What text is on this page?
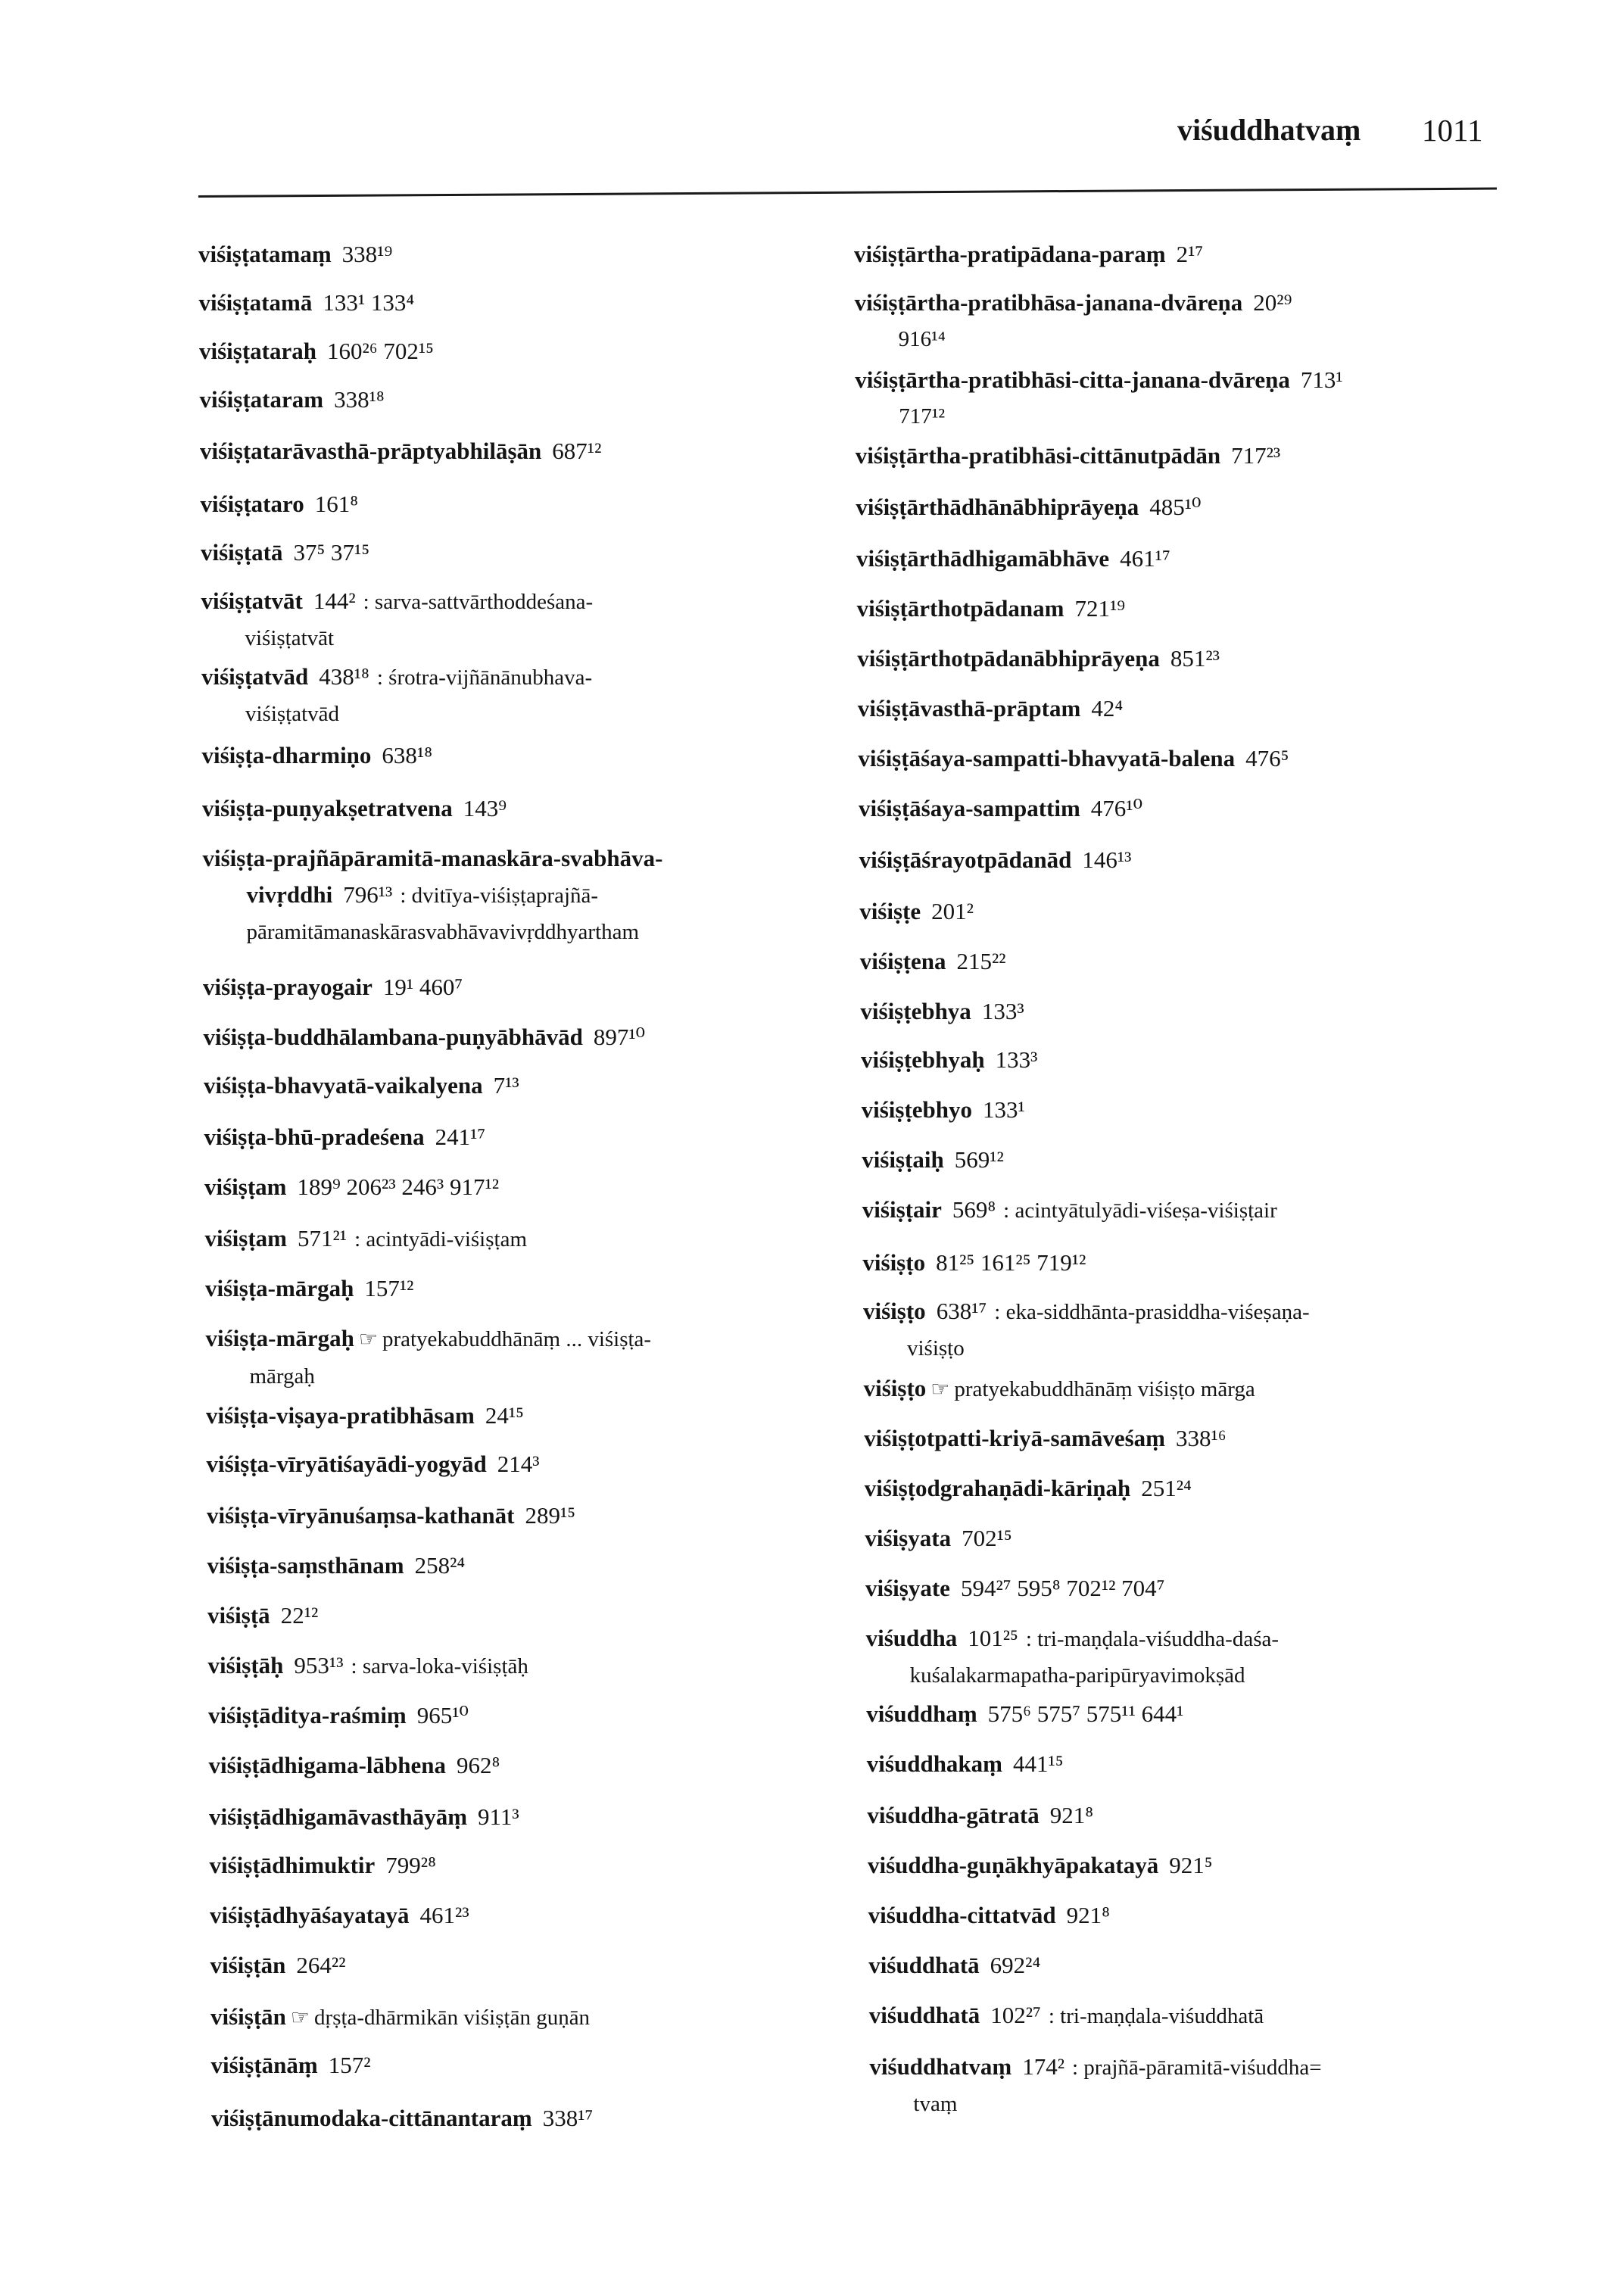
viśuddhatvaṃ 1011
viśiṣṭatamaṃ 338¹⁹
viśiṣṭatamā 133¹ 133⁴
viśiṣṭataraḥ 160²⁶ 702¹⁵
viśiṣṭataram 338¹⁸
viśiṣṭatarāvasthā-prāptyabhilāṣān 687¹²
viśiṣṭataro 161⁸
viśiṣṭatā 37⁵ 37¹⁵
viśiṣṭatvāt 144² : sarva-sattvārthoddeśana-
viśiṣṭatvāt
viśiṣṭatvād 438¹⁸ : śrotra-vijñānānubhava-
viśiṣṭatvād
viśiṣṭa-dharmiṇo 638¹⁸
viśiṣṭa-puṇyakṣetratvena 143⁹
viśiṣṭa-prajñāpāramitā-manaskāra-svabhāva-
vivṛddhi 796¹³ : dvitīya-viśiṣṭaprajñā-
pāramitāmanaskārasvabhāvavivṛddhyartham
viśiṣṭa-prayogair 19¹ 460⁷
viśiṣṭa-buddhālambana-puṇyābhāvād 897¹⁰
viśiṣṭa-bhavyatā-vaikalyena 7¹³
viśiṣṭa-bhū-pradeśena 241¹⁷
viśiṣṭam 189⁹ 206²³ 246³ 917¹²
viśiṣṭam 571²¹ : acintyādi-viśiṣṭam
viśiṣṭa-mārgaḥ 157¹²
viśiṣṭa-mārgaḥ ☞ pratyekabuddhānāṃ ... viśiṣṭa-
mārgaḥ
viśiṣṭa-viṣaya-pratibhāsam 24¹⁵
viśiṣṭa-vīryātiśayādi-yogyād 214³
viśiṣṭa-vīryānuśaṃsa-kathanāt 289¹⁵
viśiṣṭa-saṃsthānam 258²⁴
viśiṣṭā 22¹²
viśiṣṭāḥ 953¹³ : sarva-loka-viśiṣṭāḥ
viśiṣṭāditya-raśmiṃ 965¹⁰
viśiṣṭādhigama-lābhena 962⁸
viśiṣṭādhigamāvasthāyāṃ 911³
viśiṣṭādhimuktir 799²⁸
viśiṣṭādhyāśayatayā 461²³
viśiṣṭān 264²²
viśiṣṭān ☞ dṛṣṭa-dhārmikān viśiṣṭān guṇān
viśiṣṭānāṃ 157²
viśiṣṭānumodaka-cittānantaraṃ 338¹⁷
viśiṣṭārtha-pratipādana-paraṃ 2¹⁷
viśiṣṭārtha-pratibhāsa-janana-dvāreṇa 20²⁹
916¹⁴
viśiṣṭārtha-pratibhāsi-citta-janana-dvāreṇa 713¹
717¹²
viśiṣṭārtha-pratibhāsi-cittānutpādān 717²³
viśiṣṭārthādhānābhiprāyeṇa 485¹⁰
viśiṣṭārthādhigamābhāve 461¹⁷
viśiṣṭārthotpādanam 721¹⁹
viśiṣṭārthotpādanābhiprāyeṇa 851²³
viśiṣṭāvasthā-prāptam 42⁴
viśiṣṭāśaya-sampatti-bhavyatā-balena 476⁵
viśiṣṭāśaya-sampattim 476¹⁰
viśiṣṭāśrayotpādanād 146¹³
viśiṣṭe 201²
viśiṣṭena 215²²
viśiṣṭebhya 133³
viśiṣṭebhyaḥ 133³
viśiṣṭebhyo 133¹
viśiṣṭaiḥ 569¹²
viśiṣṭair 569⁸ : acintyātulyādi-viśeṣa-viśiṣṭair
viśiṣṭo 81²⁵ 161²⁵ 719¹²
viśiṣṭo 638¹⁷ : eka-siddhānta-prasiddha-viśeṣaṇa-
viśiṣṭo
viśiṣṭo ☞ pratyekabuddhānāṃ viśiṣṭo mārga
viśiṣṭotpatti-kriyā-samāveśaṃ 338¹⁶
viśiṣṭodgrahaṇādi-kāriṇaḥ 251²⁴
viśiṣyata 702¹⁵
viśiṣyate 594²⁷ 595⁸ 702¹² 704⁷
viśuddha 101²⁵ : tri-maṇḍala-viśuddha-daśa-
kuśalakarmapatha-paripūryavimokṣād
viśuddhaṃ 575⁶ 575⁷ 575¹¹ 644¹
viśuddhakaṃ 441¹⁵
viśuddha-gātratā 921⁸
viśuddha-guṇākhyāpakatayā 921⁵
viśuddha-cittatvād 921⁸
viśuddhatā 692²⁴
viśuddhatā 102²⁷ : tri-maṇḍala-viśuddhatā
viśuddhatvaṃ 174² : prajñā-pāramitā-viśuddha=
tvaṃ
